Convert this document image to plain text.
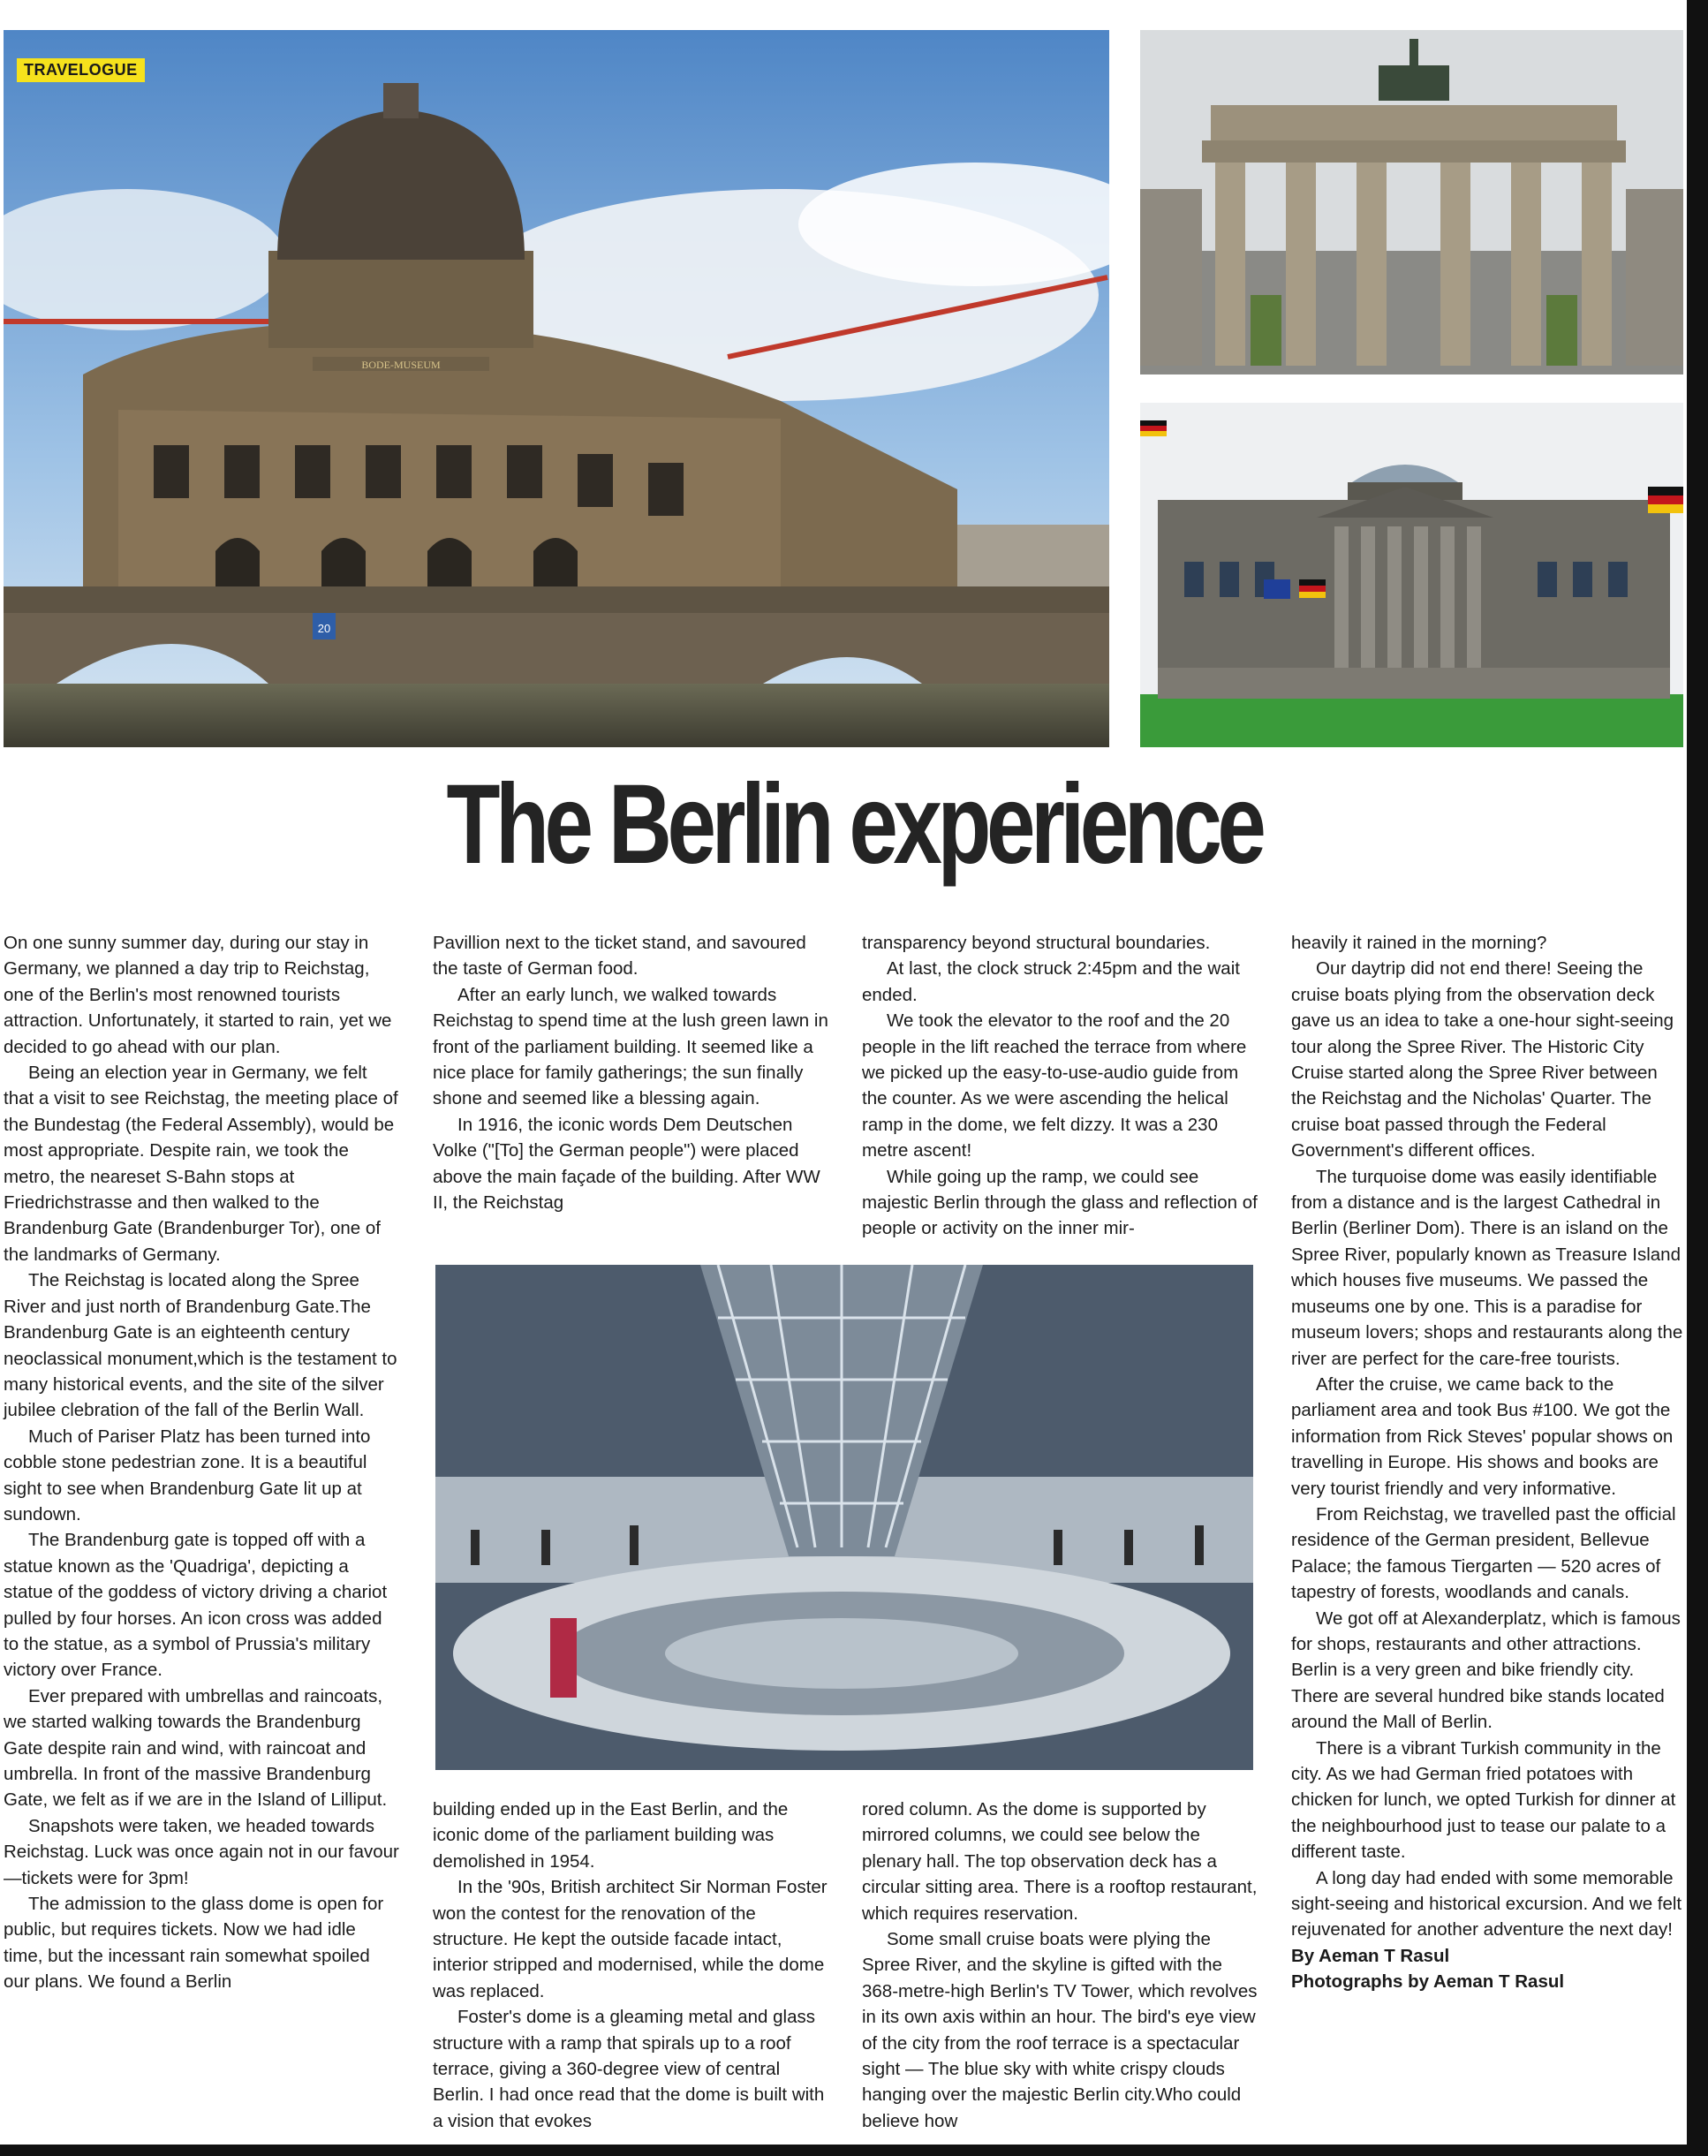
BODE-MUSEUM
20
TRAVELOGUE
The Berlin experience

On one sunny summer day, during our stay in Germany, we planned a day trip to Reichstag, one of the Berlin's most renowned tourists attraction. Unfortunately, it started to rain, yet we decided to go ahead with our plan.

Being an election year in Germany, we felt that a visit to see Reichstag, the meeting place of the Bundestag (the Federal Assembly), would be most appropriate. Despite rain, we took the metro, the neareset S-Bahn stops at Friedrichstrasse and then walked to the Brandenburg Gate (Brandenburger Tor), one of the landmarks of Germany.

The Reichstag is located along the Spree River and just north of Brandenburg Gate.The Brandenburg Gate is an eighteenth century neoclassical monument,which is the testament to many historical events, and the site of the silver jubilee clebration of the fall of the Berlin Wall.

Much of Pariser Platz has been turned into cobble stone pedestrian zone. It is a beautiful sight to see when Brandenburg Gate lit up at sundown.

The Brandenburg gate is topped off with a statue known as the 'Quadriga', depicting a statue of the goddess of victory driving a chariot pulled by four horses. An icon cross was added to the statue, as a symbol of Prussia's military victory over France.

Ever prepared with umbrellas and raincoats, we started walking towards the Brandenburg Gate despite rain and wind, with raincoat and umbrella. In front of the massive Brandenburg Gate, we felt as if we are in the Island of Lilliput.

Snapshots were taken, we headed towards Reichstag. Luck was once again not in our favour —tickets were for 3pm!

The admission to the glass dome is open for public, but requires tickets. Now we had idle time, but the incessant rain somewhat spoiled our plans. We found a Berlin

Pavillion next to the ticket stand, and savoured the taste of German food.

After an early lunch, we walked towards Reichstag to spend time at the lush green lawn in front of the parliament building. It seemed like a nice place for family gatherings; the sun finally shone and seemed like a blessing again.

In 1916, the iconic words Dem Deutschen Volke ("[To] the German people") were placed above the main façade of the building. After WW II, the Reichstag

transparency beyond structural boundaries.

At last, the clock struck 2:45pm and the wait ended.

We took the elevator to the roof and the 20 people in the lift reached the terrace from where we picked up the easy-to-use-audio guide from the counter. As we were ascending the helical ramp in the dome, we felt dizzy. It was a 230 metre ascent!

While going up the ramp, we could see majestic Berlin through the glass and reflection of people or activity on the inner mir-

building ended up in the East Berlin, and the iconic dome of the parliament building was demolished in 1954.

In the '90s, British architect Sir Norman Foster won the contest for the renovation of the structure. He kept the outside facade intact, interior stripped and modernised, while the dome was replaced.

Foster's dome is a gleaming metal and glass structure with a ramp that spirals up to a roof terrace, giving a 360-degree view of central Berlin. I had once read that the dome is built with a vision that evokes

rored column. As the dome is supported by mirrored columns, we could see below the plenary hall. The top observation deck has a circular sitting area. There is a rooftop restaurant, which requires reservation.

Some small cruise boats were plying the Spree River, and the skyline is gifted with the 368-metre-high Berlin's TV Tower, which revolves in its own axis within an hour. The bird's eye view of the city from the roof terrace is a spectacular sight — The blue sky with white crispy clouds hanging over the majestic Berlin city.Who could believe how

heavily it rained in the morning?

Our daytrip did not end there! Seeing the cruise boats plying from the observation deck gave us an idea to take a one-hour sight-seeing tour along the Spree River. The Historic City Cruise started along the Spree River between the Reichstag and the Nicholas' Quarter. The cruise boat passed through the Federal Government's different offices.

The turquoise dome was easily identifiable from a distance and is the largest Cathedral in Berlin (Berliner Dom). There is an island on the Spree River, popularly known as Treasure Island which houses five museums. We passed the museums one by one. This is a paradise for museum lovers; shops and restaurants along the river are perfect for the care-free tourists.

After the cruise, we came back to the parliament area and took Bus #100. We got the information from Rick Steves' popular shows on travelling in Europe. His shows and books are very tourist friendly and very informative.

From Reichstag, we travelled past the official residence of the German president, Bellevue Palace; the famous Tiergarten — 520 acres of tapestry of forests, woodlands and canals.

We got off at Alexanderplatz, which is famous for shops, restaurants and other attractions. Berlin is a very green and bike friendly city. There are several hundred bike stands located around the Mall of Berlin.

There is a vibrant Turkish community in the city. As we had German fried potatoes with chicken for lunch, we opted Turkish for dinner at the neighbourhood just to tease our palate to a different taste.

A long day had ended with some memorable sight-seeing and historical excursion. And we felt rejuvenated for another adventure the next day!

By Aeman T Rasul

Photographs by Aeman T Rasul
